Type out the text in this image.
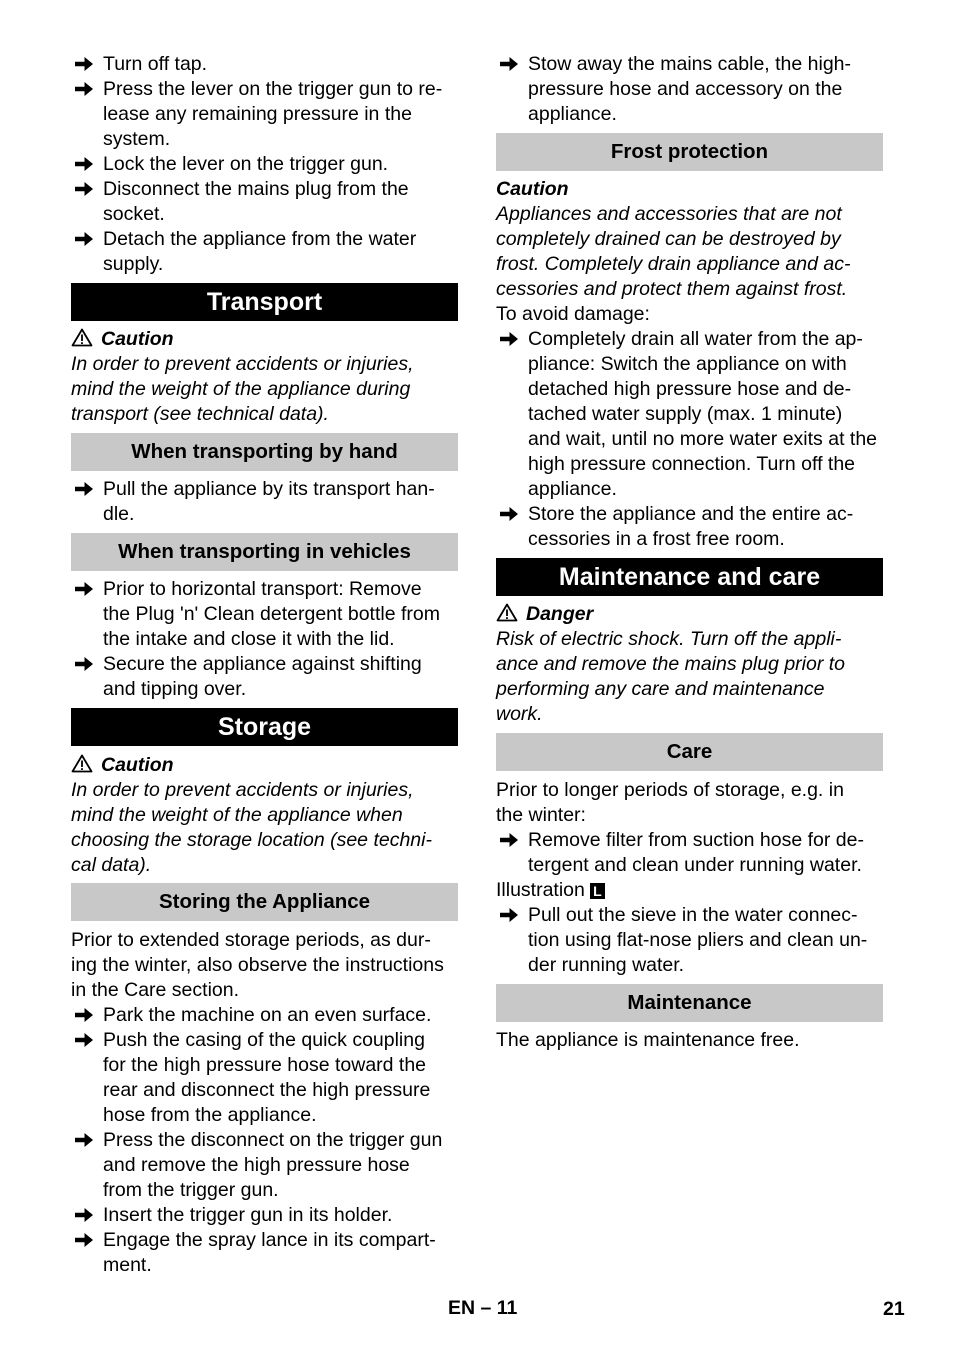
Turn off tap.
Press the lever on the trigger gun to re-
lease any remaining pressure in the
system.
Lock the lever on the trigger gun.
Disconnect the mains plug from the
socket.
Detach the appliance from the water
supply.
Transport
Caution
In order to prevent accidents or injuries,
mind the weight of the appliance during
transport (see technical data).
When transporting by hand
Pull the appliance by its transport han-
dle.
When transporting in vehicles
Prior to horizontal transport: Remove
the Plug 'n' Clean detergent bottle from
the intake and close it with the lid.
Secure the appliance against shifting
and tipping over.
Storage
Caution
In order to prevent accidents or injuries,
mind the weight of the appliance when
choosing the storage location (see techni-
cal data).
Storing the Appliance
Prior to extended storage periods, as dur-
ing the winter, also observe the instructions
in the Care section.
Park the machine on an even surface.
Push the casing of the quick coupling
for the high pressure hose toward the
rear and disconnect the high pressure
hose from the appliance.
Press the disconnect on the trigger gun
and remove the high pressure hose
from the trigger gun.
Insert the trigger gun in its holder.
Engage the spray lance in its compart-
ment.
Stow away the mains cable, the high-
pressure hose and accessory on the
appliance.
Frost protection
Caution
Appliances and accessories that are not
completely drained can be destroyed by
frost. Completely drain appliance and ac-
cessories and protect them against frost.
To avoid damage:
Completely drain all water from the ap-
pliance: Switch the appliance on with
detached high pressure hose and de-
tached water supply (max. 1 minute)
and wait, until no more water exits at the
high pressure connection. Turn off the
appliance.
Store the appliance and the entire ac-
cessories in a frost free room.
Maintenance and care
Danger
Risk of electric shock. Turn off the appli-
ance and remove the mains plug prior to
performing any care and maintenance
work.
Care
Prior to longer periods of storage, e.g. in
the winter:
Remove filter from suction hose for de-
tergent and clean under running water.
Illustration L
Pull out the sieve in the water connec-
tion using flat-nose pliers and clean un-
der running water.
Maintenance
The appliance is maintenance free.
EN – 11	21
